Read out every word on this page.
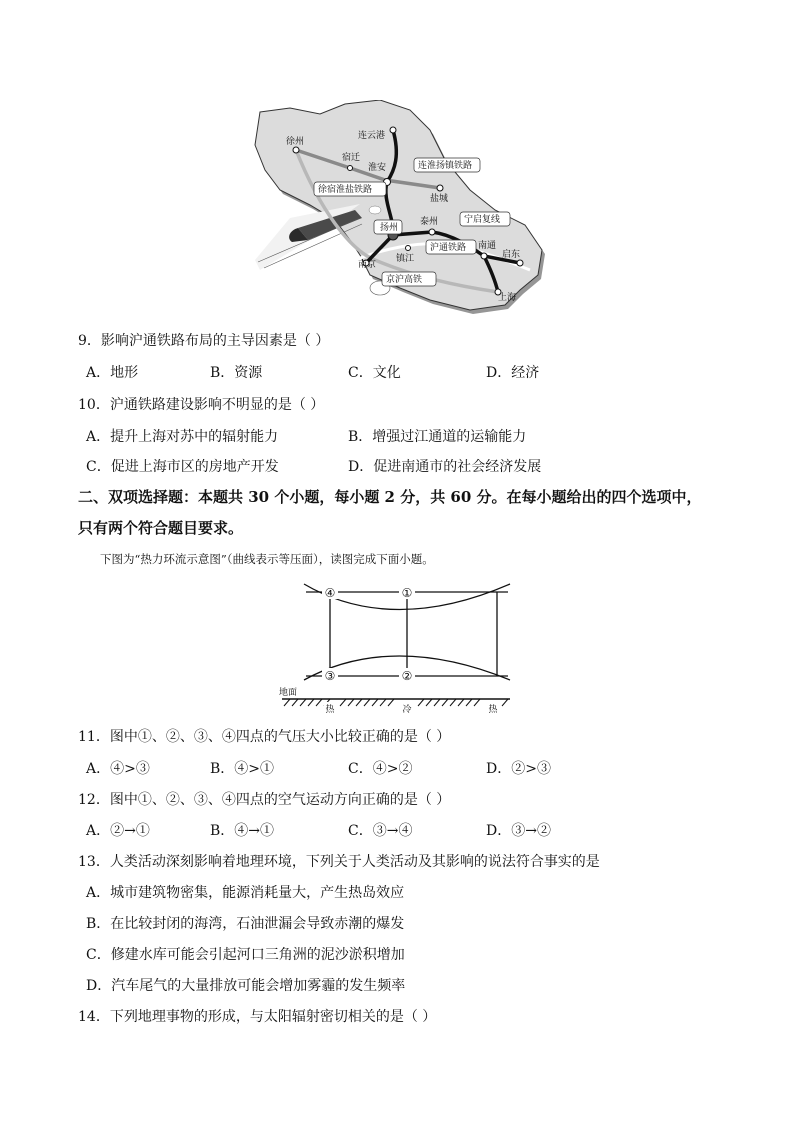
徐州
宿迁
淮安
连云港
盐城
泰州
南京
镇江
南通
启东
上海
扬州
连淮扬镇铁路
徐宿淮盐铁路
宁启复线
沪通铁路
京沪高铁
9．影响沪通铁路布局的主导因素是（ ）
A．地形	B．资源	C．文化	D．经济
10．沪通铁路建设影响不明显的是（ ）
A．提升上海对苏中的辐射能力	B．增强过江通道的运输能力
C．促进上海市区的房地产开发	D．促进南通市的社会经济发展
二、双项选择题：本题共 30 个小题，每小题 2 分，共 60 分。在每小题给出的四个选项中，
只有两个符合题目要求。
下图为“热力环流示意图”（曲线表示等压面），读图完成下面小题。
④	①
③	②
地面
热	冷	热
11．图中①、②、③、④四点的气压大小比较正确的是（ ）
A．④>③	B．④>①	C．④>②	D．②>③
12．图中①、②、③、④四点的空气运动方向正确的是（ ）
A．②→①	B．④→①	C．③→④	D．③→②
13．人类活动深刻影响着地理环境，下列关于人类活动及其影响的说法符合事实的是
A．城市建筑物密集，能源消耗量大，产生热岛效应
B．在比较封闭的海湾，石油泄漏会导致赤潮的爆发
C．修建水库可能会引起河口三角洲的泥沙淤积增加
D．汽车尾气的大量排放可能会增加雾霾的发生频率
14．下列地理事物的形成，与太阳辐射密切相关的是（ ）
